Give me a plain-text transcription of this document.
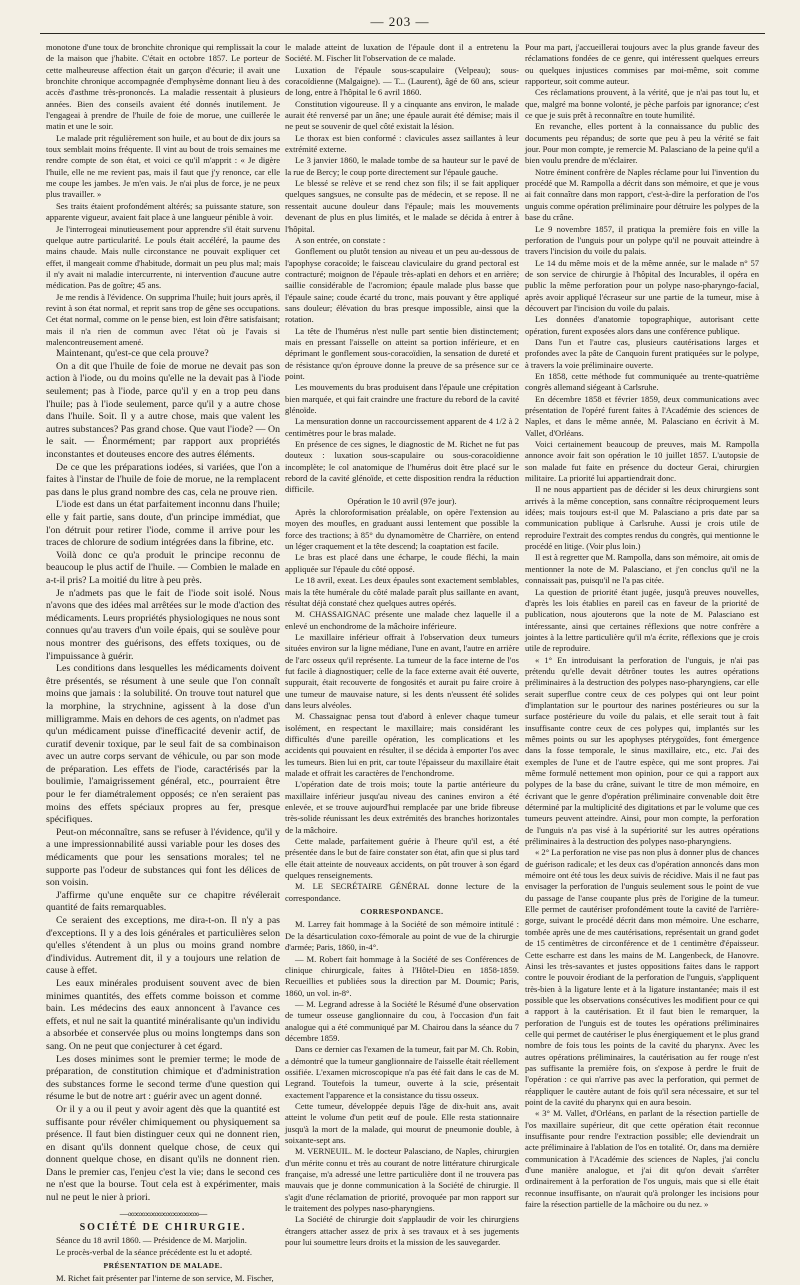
— 203 —

monotone d'une toux de bronchite chronique qui remplissait la cour de la maison que j'habite. C'était en octobre 1857. Le porteur de cette malheureuse affection était un garçon d'écurie; il avait une bronchite chronique accompagnée d'emphysème donnant lieu à des accès d'asthme très-prononcés. La maladie ressentait à plusieurs années. Bien des conseils avaient été donnés inutilement. Je l'engageai à prendre de l'huile de foie de morue, une cuillerée le matin et une le soir.

Le malade prit régulièrement son huile, et au bout de dix jours sa toux semblait moins fréquente. Il vint au bout de trois semaines me rendre compte de son état, et voici ce qu'il m'apprit : « Je digère l'huile, elle ne me revient pas, mais il faut que j'y renonce, car elle me coupe les jambes. Je m'en vais. Je n'ai plus de force, je ne peux plus travailler. »

Ses traits étaient profondément altérés; sa puissante stature, son apparente vigueur, avaient fait place à une langueur pénible à voir.

Je l'interrogeai minutieusement pour apprendre s'il était survenu quelque autre particularité. Le pouls était accéléré, la paume des mains chaude. Mais nulle circonstance ne pouvait expliquer cet effet, il mangeait comme d'habitude, dormait un peu plus mal; mais il n'y avait ni maladie intercurrente, ni intervention d'aucune autre médication. Pas de goître; 45 ans.

Je me rendis à l'évidence. On supprima l'huile; huit jours après, il revint à son état normal, et reprit sans trop de gêne ses occupations. Cet état normal, comme on le pense bien, est loin d'être satisfaisant; mais il n'a rien de commun avec l'état où je l'avais si malencontreusement amené.

Maintenant, qu'est-ce que cela prouve?

On a dit que l'huile de foie de morue ne devait pas son action à l'iode, ou du moins qu'elle ne la devait pas à l'iode seulement; pas à l'iode, parce qu'il y en a trop peu dans l'huile; pas à l'iode seulement, parce qu'il y a autre chose dans l'huile. Soit. Il y a autre chose, mais que valent les autres substances? Pas grand chose. Que vaut l'iode? — On le sait. — Énormément; par rapport aux propriétés inconstantes et douteuses encore des autres éléments.

De ce que les préparations iodées, si variées, que l'on a faites à l'instar de l'huile de foie de morue, ne la remplacent pas dans le plus grand nombre des cas, cela ne prouve rien.

L'iode est dans un état parfaitement inconnu dans l'huile; elle y fait partie, sans doute, d'un principe immédiat, que l'on détruit pour retirer l'iode, comme il arrive pour les traces de chlorure de sodium intégrées dans la fibrine, etc.

Voilà donc ce qu'a produit le principe reconnu de beaucoup le plus actif de l'huile. — Combien le malade en a-t-il pris? La moitié du litre à peu près.

Je n'admets pas que le fait de l'iode soit isolé. Nous n'avons que des idées mal arrêtées sur le mode d'action des médicaments. Leurs propriétés physiologiques ne nous sont connues qu'au travers d'un voile épais, qui se soulève pour nous montrer des guérisons, des effets toxiques, ou de l'impuissance à guérir.

Les conditions dans lesquelles les médicaments doivent être présentés, se résument à une seule que l'on connaît moins que jamais : la solubilité. On trouve tout naturel que la morphine, la strychnine, agissent à la dose d'un milligramme. Mais en dehors de ces agents, on n'admet pas qu'un médicament puisse d'inefficacité devenir actif, de curatif devenir toxique, par le seul fait de sa combinaison avec un autre corps servant de véhicule, ou par son mode de préparation. Les effets de l'iode, caractérisés par la boulimie, l'amaigrissement général, etc., pourraient être pour le fer diamétralement opposés; ce n'en seraient pas moins des effets spéciaux propres au fer, presque spécifiques.

Peut-on méconnaître, sans se refuser à l'évidence, qu'il y a une impressionnabilité aussi variable pour les doses des médicaments que pour les sensations morales; tel ne supporte pas l'odeur de substances qui font les délices de son voisin.

J'affirme qu'une enquête sur ce chapitre révélerait quantité de faits remarquables.

Ce seraient des exceptions, me dira-t-on. Il n'y a pas d'exceptions. Il y a des lois générales et particulières selon qu'elles s'étendent à un plus ou moins grand nombre d'individus. Autrement dit, il y a toujours une relation de cause à effet.

Les eaux minérales produisent souvent avec de bien minimes quantités, des effets comme boisson et comme bain. Les médecins des eaux annoncent à l'avance ces effets, et nul ne sait la quantité minéralisante qu'un individu a absorbée et conservée plus ou moins longtemps dans son sang. On ne peut que conjecturer à cet égard.

Les doses minimes sont le premier terme; le mode de préparation, de constitution chimique et d'administration des substances forme le second terme d'une question qui résume le but de notre art : guérir avec un agent donné.

Or il y a ou il peut y avoir agent dès que la quantité est suffisante pour révéler chimiquement ou physiquement sa présence. Il faut bien distinguer ceux qui ne donnent rien, en disant qu'ils donnent quelque chose, de ceux qui donnent quelque chose, en disant qu'ils ne donnent rien. Dans le premier cas, l'enjeu c'est la vie; dans le second ces ne n'est que la bourse. Tout cela est à expérimenter, mais nul ne peut le nier à priori.

—∞∞∞∞∞∞∞∞∞∞∞∞∞—
SOCIÉTÉ DE CHIRURGIE.

Séance du 18 avril 1860. — Présidence de M. Marjolin.

Le procès-verbal de la séance précédente est lu et adopté.

PRÉSENTATION DE MALADE.

M. Richet fait présenter par l'interne de son service, M. Fischer,

le malade atteint de luxation de l'épaule dont il a entretenu la Société. M. Fischer lit l'observation de ce malade.

Luxation de l'épaule sous-scapulaire (Velpeau); sous-coracoïdienne (Malgaigne). — T... (Laurent), âgé de 60 ans, scieur de long, entre à l'hôpital le 6 avril 1860.

Constitution vigoureuse. Il y a cinquante ans environ, le malade aurait été renversé par un âne; une épaule aurait été démise; mais il ne peut se souvenir de quel côté existait la lésion.

Le thorax est bien conformé : clavicules assez saillantes à leur extrémité externe.

Le 3 janvier 1860, le malade tombe de sa hauteur sur le pavé de la rue de Bercy; le coup porte directement sur l'épaule gauche.

Le blessé se relève et se rend chez son fils; il se fait appliquer quelques sangsues, ne consulte pas de médecin, et se repose. Il ne ressentait aucune douleur dans l'épaule; mais les mouvements devenant de plus en plus limités, et le malade se décida à entrer à l'hôpital.

A son entrée, on constate :

Gonflement ou plutôt tension au niveau et un peu au-dessous de l'apophyse coracoïde; le faisceau claviculaire du grand pectoral est contracturé; moignon de l'épaule très-aplati en dehors et en arrière; saillie considérable de l'acromion; épaule malade plus basse que l'épaule saine; coude écarté du tronc, mais pouvant y être appliqué sans douleur; élévation du bras presque impossible, ainsi que la rotation.

La tête de l'humérus n'est nulle part sentie bien distinctement; mais en pressant l'aisselle on atteint sa portion inférieure, et en déprimant le gonflement sous-coracoïdien, la sensation de dureté et de résistance qu'on éprouve donne la preuve de sa présence sur ce point.

Les mouvements du bras produisent dans l'épaule une crépitation bien marquée, et qui fait craindre une fracture du rebord de la cavité glénoïde.

La mensuration donne un raccourcissement apparent de 4 1/2 à 2 centimètres pour le bras malade.

En présence de ces signes, le diagnostic de M. Richet ne fut pas douteux : luxation sous-scapulaire ou sous-coracoïdienne incomplète; le col anatomique de l'humérus doit être placé sur le rebord de la cavité glénoïde, et cette disposition rendra la réduction difficile.

Opération le 10 avril (97e jour).

Après la chloroformisation préalable, on opère l'extension au moyen des moufles, en graduant aussi lentement que possible la force des tractions; à 85° du dynamomètre de Charrière, on entend un léger craquement et la tête descend; la coaptation est facile.

Le bras est placé dans une écharpe, le coude fléchi, la main appliquée sur l'épaule du côté opposé.

Le 18 avril, exeat. Les deux épaules sont exactement semblables, mais la tête humérale du côté malade paraît plus saillante en avant, résultat déjà constaté chez quelques autres opérés.

M. CHASSAIGNAC présente une malade chez laquelle il a enlevé un enchondrome de la mâchoire inférieure.

Le maxillaire inférieur offrait à l'observation deux tumeurs situées environ sur la ligne médiane, l'une en avant, l'autre en arrière de l'arc osseux qu'il représente. La tumeur de la face interne de l'os fut facile à diagnostiquer; celle de la face externe avait été ouverte, suppurait, était recouverte de fongosités et aurait pu faire croire à une tumeur de mauvaise nature, si les dents n'eussent été solides dans leurs alvéoles.

M. Chassaignac pensa tout d'abord à enlever chaque tumeur isolément, en respectant le maxillaire; mais considérant les difficultés d'une pareille opération, les complications et les accidents qui pouvaient en résulter, il se décida à emporter l'os avec les tumeurs. Bien lui en prit, car toute l'épaisseur du maxillaire était malade et offrait les caractères de l'enchondrome.

L'opération date de trois mois; toute la partie antérieure du maxillaire inférieur jusqu'au niveau des canines environ a été enlevée, et se trouve aujourd'hui remplacée par une bride fibreuse très-solide réunissant les deux extrémités des branches horizontales de la mâchoire.

Cette malade, parfaitement guérie à l'heure qu'il est, a été présentée dans le but de faire constater son état, afin que si plus tard elle était atteinte de nouveaux accidents, on pût trouver à son égard quelques renseignements.

M. LE SECRÉTAIRE GÉNÉRAL donne lecture de la correspondance.

CORRESPONDANCE.

M. Larrey fait hommage à la Société de son mémoire intitulé : De la désarticulation coxo-fémorale au point de vue de la chirurgie d'armée; Paris, 1860, in-4°.

— M. Robert fait hommage à la Société de ses Conférences de clinique chirurgicale, faites à l'Hôtel-Dieu en 1858-1859. Recueillies et publiées sous la direction par M. Doumic; Paris, 1860, un vol. in-8°.

— M. Legrand adresse à la Société le Résumé d'une observation de tumeur osseuse ganglionnaire du cou, à l'occasion d'un fait analogue qui a été communiqué par M. Chairou dans la séance du 7 décembre 1859.

Dans ce dernier cas l'examen de la tumeur, fait par M. Ch. Robin, a démontré que la tumeur ganglionnaire de l'aisselle était réellement ossifiée. L'examen microscopique n'a pas été fait dans le cas de M. Legrand. Toutefois la tumeur, ouverte à la scie, présentait exactement l'apparence et la consistance du tissu osseux.

Cette tumeur, développée depuis l'âge de dix-huit ans, avait atteint le volume d'un petit œuf de poule. Elle resta stationnaire jusqu'à la mort de la malade, qui mourut de pneumonie double, à soixante-sept ans.

M. VERNEUIL. M. le docteur Palasciano, de Naples, chirurgien d'un mérite connu et très au courant de notre littérature chirurgicale française, m'a adressé une lettre particulière dont il ne trouvera pas mauvais que je donne communication à la Société de chirurgie. Il s'agit d'une réclamation de priorité, provoquée par mon rapport sur le traitement des polypes naso-pharyngiens.

La Société de chirurgie doit s'applaudir de voir les chirurgiens étrangers attacher assez de prix à ses travaux et à ses jugements pour lui soumettre leurs droits et la mission de les sauvegarder.

Pour ma part, j'accueillerai toujours avec la plus grande faveur des réclamations fondées de ce genre, qui intéressent quelques erreurs ou quelques injustices commises par moi-même, soit comme rapporteur, soit comme auteur.

Ces réclamations prouvent, à la vérité, que je n'ai pas tout lu, et que, malgré ma bonne volonté, je pèche parfois par ignorance; c'est ce que je suis prêt à reconnaître en toute humilité.

En revanche, elles portent à la connaissance du public des documents peu répandus; de sorte que peu à peu la vérité se fait jour. Pour mon compte, je remercie M. Palasciano de la peine qu'il a bien voulu prendre de m'éclairer.

Notre éminent confrère de Naples réclame pour lui l'invention du procédé que M. Rampolla a décrit dans son mémoire, et que je vous ai fait connaître dans mon rapport, c'est-à-dire la perforation de l'os unguis comme opération préliminaire pour détruire les polypes de la base du crâne.

Le 9 novembre 1857, il pratiqua la première fois en ville la perforation de l'unguis pour un polype qu'il ne pouvait atteindre à travers l'incision du voile du palais.

Le 14 du même mois et de la même année, sur le malade n° 57 de son service de chirurgie à l'hôpital des Incurables, il opéra en public la même perforation pour un polype naso-pharyngo-facial, après avoir appliqué l'écraseur sur une partie de la tumeur, mise à découvert par l'incision du voile du palais.

Les données d'anatomie topographique, autorisant cette opération, furent exposées alors dans une conférence publique.

Dans l'un et l'autre cas, plusieurs cautérisations larges et profondes avec la pâte de Canquoin furent pratiquées sur le polype, à travers la voie préliminaire ouverte.

En 1858, cette méthode fut communiquée au trente-quatrième congrès allemand siégeant à Carlsruhe.

En décembre 1858 et février 1859, deux communications avec présentation de l'opéré furent faites à l'Académie des sciences de Naples, et dans le même année, M. Palasciano en écrivit à M. Vallet, d'Orléans.

Voici certainement beaucoup de preuves, mais M. Rampolla annonce avoir fait son opération le 10 juillet 1857. L'autopsie de son malade fut faite en présence du docteur Gerai, chirurgien militaire. La priorité lui appartiendrait donc.

Il ne nous appartient pas de décider si les deux chirurgiens sont arrivés à la même conception, sans connaître réciproquement leurs idées; mais toujours est-il que M. Palasciano a pris date par sa communication publique à Carlsruhe. Aussi je crois utile de reproduire l'extrait des comptes rendus du congrès, qui mentionne le procédé en litige. (Voir plus loin.)

Il est à regretter que M. Rampolla, dans son mémoire, ait omis de mentionner la note de M. Palasciano, et j'en conclus qu'il ne la connaissait pas, puisqu'il ne l'a pas citée.

La question de priorité étant jugée, jusqu'à preuves nouvelles, d'après les lois établies en pareil cas en faveur de la priorité de publication, nous ajouterons que la note de M. Palasciano est intéressante, ainsi que certaines réflexions que notre confrère a jointes à la lettre particulière qu'il m'a écrite, réflexions que je crois utile de reproduire.

« 1° En introduisant la perforation de l'unguis, je n'ai pas prétendu qu'elle devait détrôner toutes les autres opérations préliminaires à la destruction des polypes naso-pharyngiens, car elle serait superflue contre ceux de ces polypes qui ont leur point d'implantation sur le pourtour des narines postérieures ou sur la surface postérieure du voile du palais, et elle serait tout à fait insuffisante contre ceux de ces polypes qui, implantés sur les mêmes points ou sur les apophyses ptérygoïdes, font émergence dans la fosse temporale, le sinus maxillaire, etc., etc. J'ai des exemples de l'une et de l'autre espèce, qui me sont propres. J'ai même formulé nettement mon opinion, pour ce qui a rapport aux polypes de la base du crâne, suivant le titre de mon mémoire, en écrivant que le genre d'opération préliminaire convenable doit être déterminé par la multiplicité des digitations et par le volume que ces tumeurs peuvent atteindre. Ainsi, pour mon compte, la perforation de l'unguis n'a pas visé à la supériorité sur les autres opérations préliminaires à la destruction des polypes naso-pharyngiens.

« 2° La perforation ne vise pas non plus à donner plus de chances de guérison radicale; et les deux cas d'opération annoncés dans mon mémoire ont été tous les deux suivis de récidive. Mais il ne faut pas envisager la perforation de l'unguis seulement sous le point de vue du passage de l'anse coupante plus près de l'origine de la tumeur. Elle permet de cautériser profondément toute la cavité de l'arrière-gorge, suivant le procédé décrit dans mon mémoire. Une escharre, tombée après une de mes cautérisations, représentait un grand godet de 15 centimètres de circonférence et de 1 centimètre d'épaisseur. Cette escharre est dans les mains de M. Langenbeck, de Hanovre. Ainsi les très-savantes et justes oppositions faites dans le rapport contre le pouvoir érodiant de la perforation de l'unguis, s'appliquent très-bien à la ligature lente et à la ligature instantanée; mais il est possible que les observations consécutives les modifient pour ce qui a rapport à la cautérisation. Et il faut bien le remarquer, la perforation de l'unguis est de toutes les opérations préliminaires celle qui permet de cautériser le plus énergiquement et le plus grand nombre de fois tous les points de la cavité du pharynx. Avec les autres opérations préliminaires, la cautérisation au fer rouge n'est pas suffisante la première fois, on s'expose à perdre le fruit de l'opération : ce qui n'arrive pas avec la perforation, qui permet de réappliquer le cautère autant de fois qu'il sera nécessaire, et sur tel point de la cavité du pharynx qui en aura besoin.

« 3° M. Vallet, d'Orléans, en parlant de la résection partielle de l'os maxillaire supérieur, dit que cette opération était reconnue insuffisante pour rendre l'extraction possible; elle deviendrait un acte préliminaire à l'ablation de l'os en totalité. Or, dans ma dernière communication à l'Académie des sciences de Naples, j'ai conclu d'une manière analogue, et j'ai dit qu'on devait s'arrêter ordinairement à la perforation de l'os unguis, mais que si elle était reconnue insuffisante, on n'aurait qu'à prolonger les incisions pour faire la résection partielle de la mâchoire ou du nez. »
